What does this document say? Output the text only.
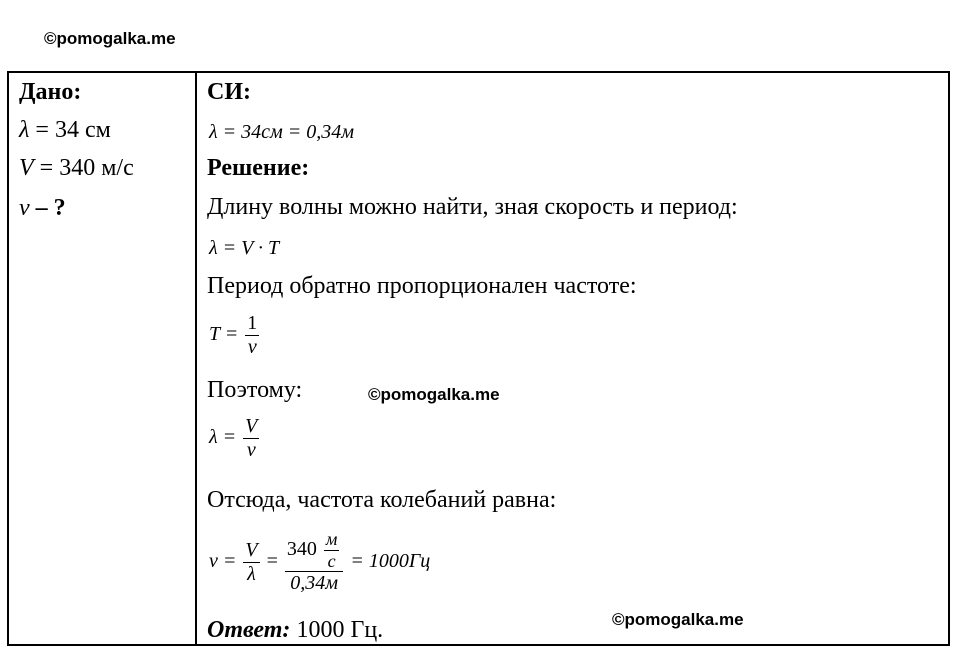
©pomogalka.me
Дано:
λ = 34 см
V = 340 м/с
ν – ?
СИ:
λ = 34см = 0,34м
Решение:
Длину волны можно найти, зная скорость и период:
λ = V · T
Период обратно пропорционален частоте:
$T = \frac{1}{\nu}$
Поэтому:
$\lambda = \frac{V}{\nu}$
Отсюда, частота колебаний равна:
$\nu = \frac{V}{\lambda} = \frac{340 \frac{м}{с}}{0,34м} = 1000Гц$
Ответ: 1000 Гц.
©pomogalka.me
©pomogalka.me
